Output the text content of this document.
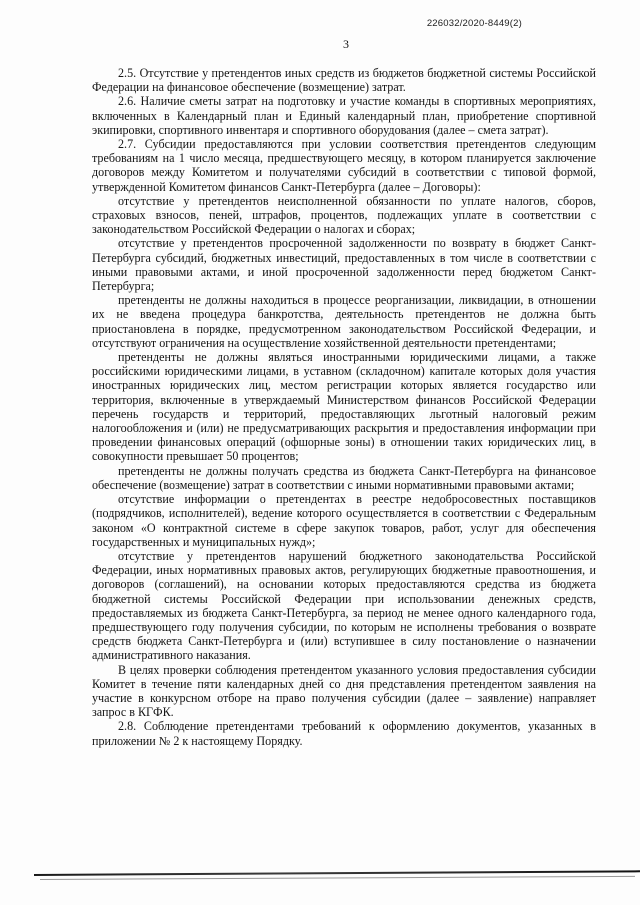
226032/2020-8449(2)
3

2.5. Отсутствие у претендентов иных средств из бюджетов бюджетной системы Российской Федерации на финансовое обеспечение (возмещение) затрат.

2.6. Наличие сметы затрат на подготовку и участие команды в спортивных мероприятиях, включенных в Календарный план и Единый календарный план, приобретение спортивной экипировки, спортивного инвентаря и спортивного оборудования (далее – смета затрат).

2.7. Субсидии предоставляются при условии соответствия претендентов следующим требованиям на 1 число месяца, предшествующего месяцу, в котором планируется заключение договоров между Комитетом и получателями субсидий в соответствии с типовой формой, утвержденной Комитетом финансов Санкт-Петербурга (далее – Договоры):

отсутствие у претендентов неисполненной обязанности по уплате налогов, сборов, страховых взносов, пеней, штрафов, процентов, подлежащих уплате в соответствии с законодательством Российской Федерации о налогах и сборах;

отсутствие у претендентов просроченной задолженности по возврату в бюджет Санкт-Петербурга субсидий, бюджетных инвестиций, предоставленных в том числе в соответствии с иными правовыми актами, и иной просроченной задолженности перед бюджетом Санкт-Петербурга;

претенденты не должны находиться в процессе реорганизации, ликвидации, в отношении их не введена процедура банкротства, деятельность претендентов не должна быть приостановлена в порядке, предусмотренном законодательством Российской Федерации, и отсутствуют ограничения на осуществление хозяйственной деятельности претендентами;

претенденты не должны являться иностранными юридическими лицами, а также российскими юридическими лицами, в уставном (складочном) капитале которых доля участия иностранных юридических лиц, местом регистрации которых является государство или территория, включенные в утверждаемый Министерством финансов Российской Федерации перечень государств и территорий, предоставляющих льготный налоговый режим налогообложения и (или) не предусматривающих раскрытия и предоставления информации при проведении финансовых операций (офшорные зоны) в отношении таких юридических лиц, в совокупности превышает 50 процентов;

претенденты не должны получать средства из бюджета Санкт-Петербурга на финансовое обеспечение (возмещение) затрат в соответствии с иными нормативными правовыми актами;

отсутствие информации о претендентах в реестре недобросовестных поставщиков (подрядчиков, исполнителей), ведение которого осуществляется в соответствии с Федеральным законом «О контрактной системе в сфере закупок товаров, работ, услуг для обеспечения государственных и муниципальных нужд»;

отсутствие у претендентов нарушений бюджетного законодательства Российской Федерации, иных нормативных правовых актов, регулирующих бюджетные правоотношения, и договоров (соглашений), на основании которых предоставляются средства из бюджета бюджетной системы Российской Федерации при использовании денежных средств, предоставляемых из бюджета Санкт-Петербурга, за период не менее одного календарного года, предшествующего году получения субсидии, по которым не исполнены требования о возврате средств бюджета Санкт-Петербурга и (или) вступившее в силу постановление о назначении административного наказания.

В целях проверки соблюдения претендентом указанного условия предоставления субсидии Комитет в течение пяти календарных дней со дня представления претендентом заявления на участие в конкурсном отборе на право получения субсидии (далее – заявление) направляет запрос в КГФК.

2.8. Соблюдение претендентами требований к оформлению документов, указанных в приложении № 2 к настоящему Порядку.
